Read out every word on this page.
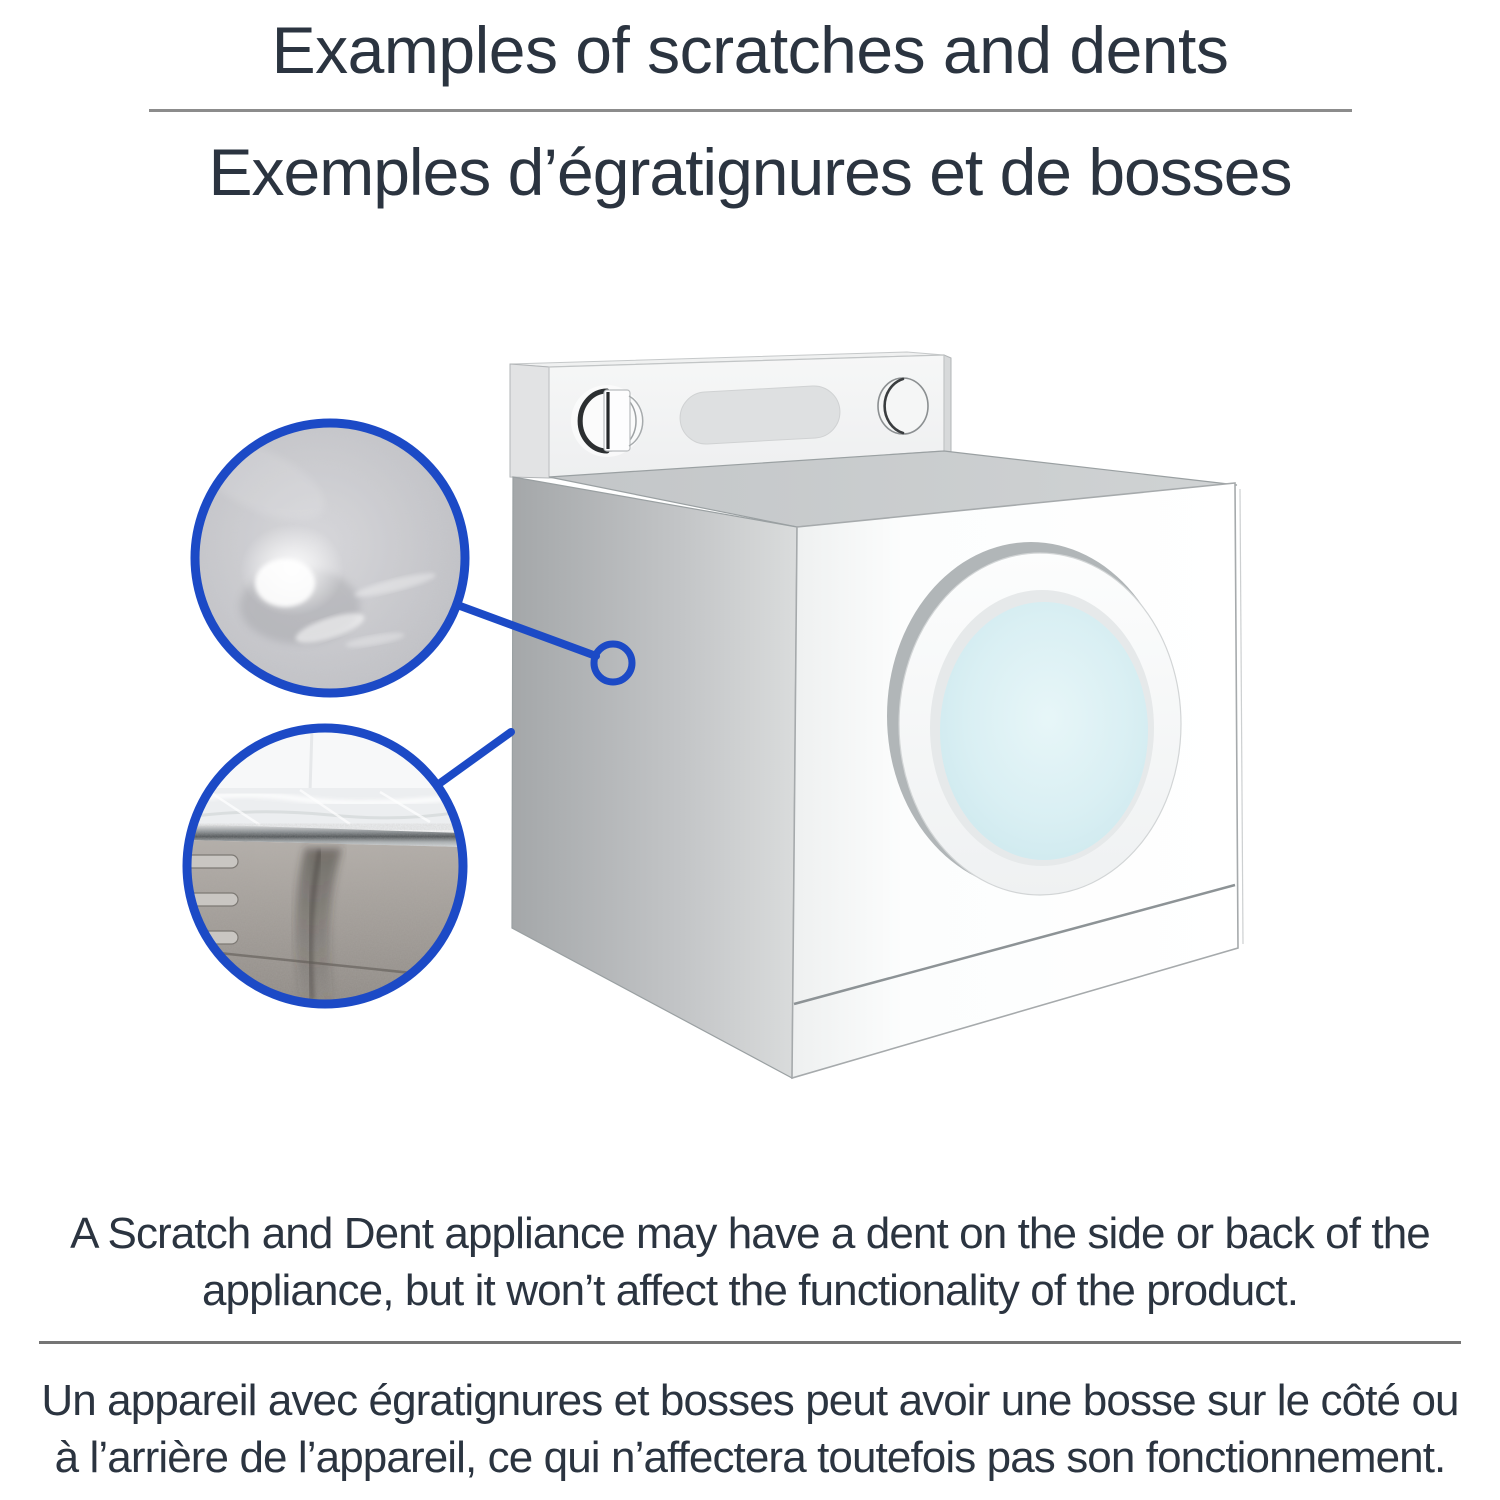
Examples of scratches and dents
Exemples d’égratignures et de bosses
A Scratch and Dent appliance may have a dent on the side or back of the
appliance, but it won’t affect the functionality of the product.
Un appareil avec égratignures et bosses peut avoir une bosse sur le côté ou
à l’arrière de l’appareil, ce qui n’affectera toutefois pas son fonctionnement.
